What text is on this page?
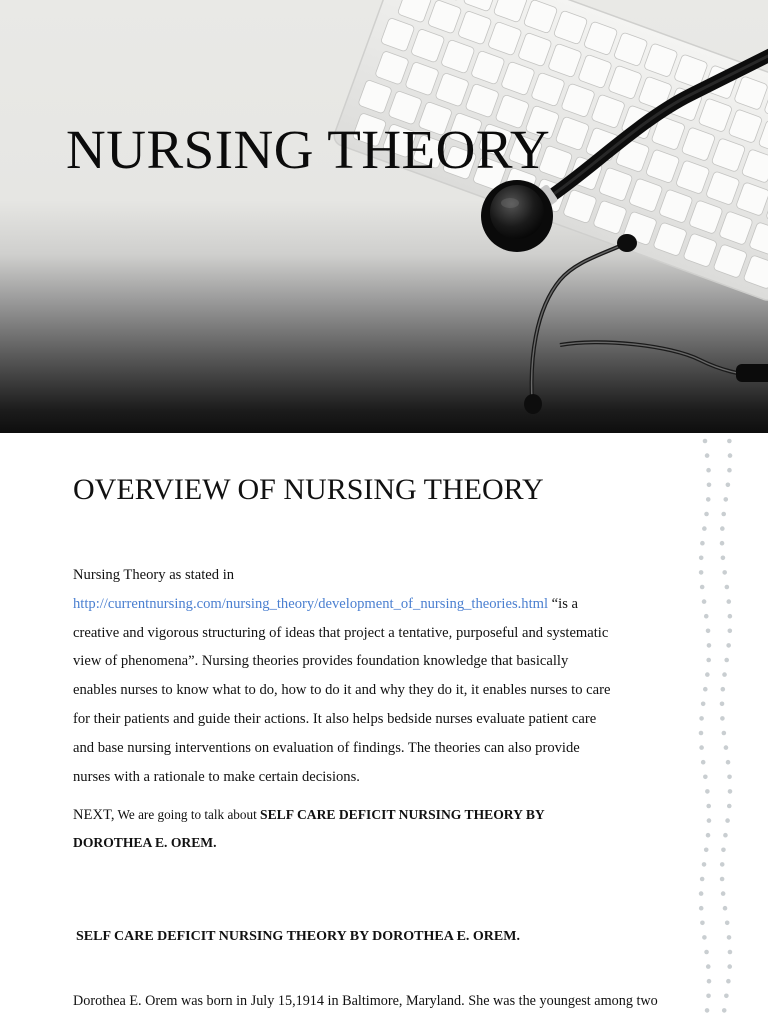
NURSING THEORY
OVERVIEW OF NURSING THEORY
Nursing Theory as stated in
http://currentnursing.com/nursing_theory/development_of_nursing_theories.html “is a
creative and vigorous structuring of ideas that project a tentative, purposeful and systematic
view of phenomena”. Nursing theories provides foundation knowledge that basically
enables nurses to know what to do, how to do it and why they do it, it enables nurses to care
for their patients and guide their actions. It also helps bedside nurses evaluate patient care
and base nursing interventions on evaluation of findings. The theories can also provide
nurses with a rationale to make certain decisions.
NEXT, We are going to talk about SELF CARE DEFICIT NURSING THEORY BY
DOROTHEA E. OREM.
SELF CARE DEFICIT NURSING THEORY BY DOROTHEA E. OREM.
Dorothea E. Orem was born in July 15,1914 in Baltimore, Maryland. She was the youngest among two
